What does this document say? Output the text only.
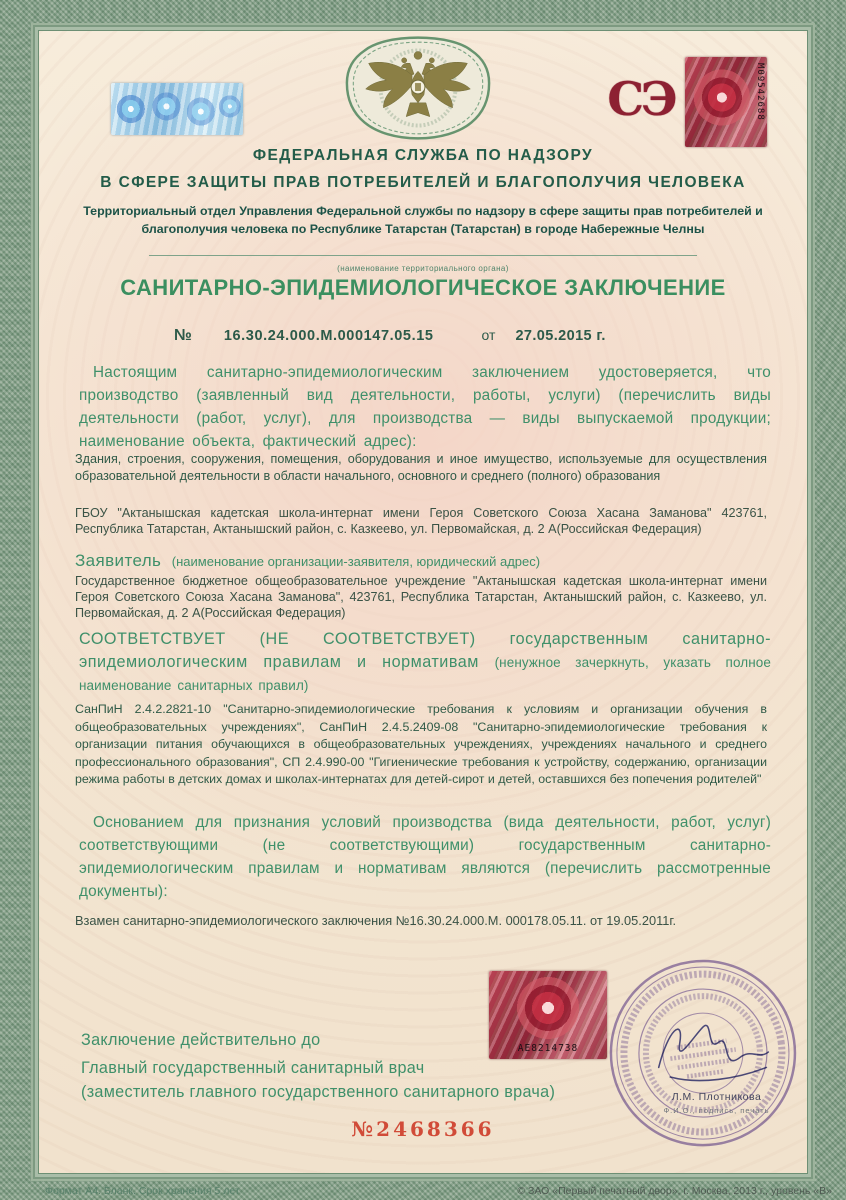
СЭ	М09542688
ФЕДЕРАЛЬНАЯ СЛУЖБА ПО НАДЗОРУ
В СФЕРЕ ЗАЩИТЫ ПРАВ ПОТРЕБИТЕЛЕЙ И БЛАГОПОЛУЧИЯ ЧЕЛОВЕКА
Территориальный отдел Управления Федеральной службы по надзору в сфере защиты прав потребителей и благополучия человека по Республике Татарстан (Татарстан) в городе Набережные Челны
(наименование территориального органа)
САНИТАРНО-ЭПИДЕМИОЛОГИЧЕСКОЕ ЗАКЛЮЧЕНИЕ
№ 16.30.24.000.М.000147.05.15	от 27.05.2015 г.
Настоящим санитарно-эпидемиологическим заключением удостоверяется, что производство (заявленный вид деятельности, работы, услуги) (перечислить виды деятельности (работ, услуг), для производства — виды выпускаемой продукции; наименование объекта, фактический адрес):
Здания, строения, сооружения, помещения, оборудования и иное имущество, используемые для осуществления образовательной деятельности в области начального, основного и среднего (полного) образования
ГБОУ "Актанышская кадетская школа-интернат имени Героя Советского Союза Хасана Заманова" 423761, Республика Татарстан, Актанышский район, с. Казкеево, ул. Первомайская, д. 2 А(Российская Федерация)
Заявитель (наименование организации-заявителя, юридический адрес)
Государственное бюджетное общеобразовательное учреждение "Актанышская кадетская школа-интернат имени Героя Советского Союза Хасана Заманова", 423761, Республика Татарстан, Актанышский район, с. Казкеево, ул. Первомайская, д. 2 А(Российская Федерация)
СООТВЕТСТВУЕТ (НЕ СООТВЕТСТВУЕТ) государственным санитарно-эпидемиологическим правилам и нормативам (ненужное зачеркнуть, указать полное наименование санитарных правил)
СанПиН 2.4.2.2821-10 "Санитарно-эпидемиологические требования к условиям и организации обучения в общеобразовательных учреждениях", СанПиН 2.4.5.2409-08 "Санитарно-эпидемиологические требования к организации питания обучающихся в общеобразовательных учреждениях, учреждениях начального и среднего профессионального образования", СП 2.4.990-00 "Гигиенические требования к устройству, содержанию, организации режима работы в детских домах и школах-интернатах для детей-сирот и детей, оставшихся без попечения родителей"
Основанием для признания условий производства (вида деятельности, работ, услуг) соответствующими (не соответствующими) государственным санитарно-эпидемиологическим правилам и нормативам являются (перечислить рассмотренные документы):
Взамен санитарно-эпидемиологического заключения №16.30.24.000.М. 000178.05.11. от 19.05.2011г.
АЕ8214738
Заключение действительно до
Главный государственный санитарный врач
(заместитель главного государственного санитарного врача)	Л.М. Плотникова
Ф.И.О., подпись, печать
№2468366
Формат А4. Бланк. Срок хранения 5 лет	© ЗАО «Первый печатный двор», г. Москва, 2013 г., уровень «В»
